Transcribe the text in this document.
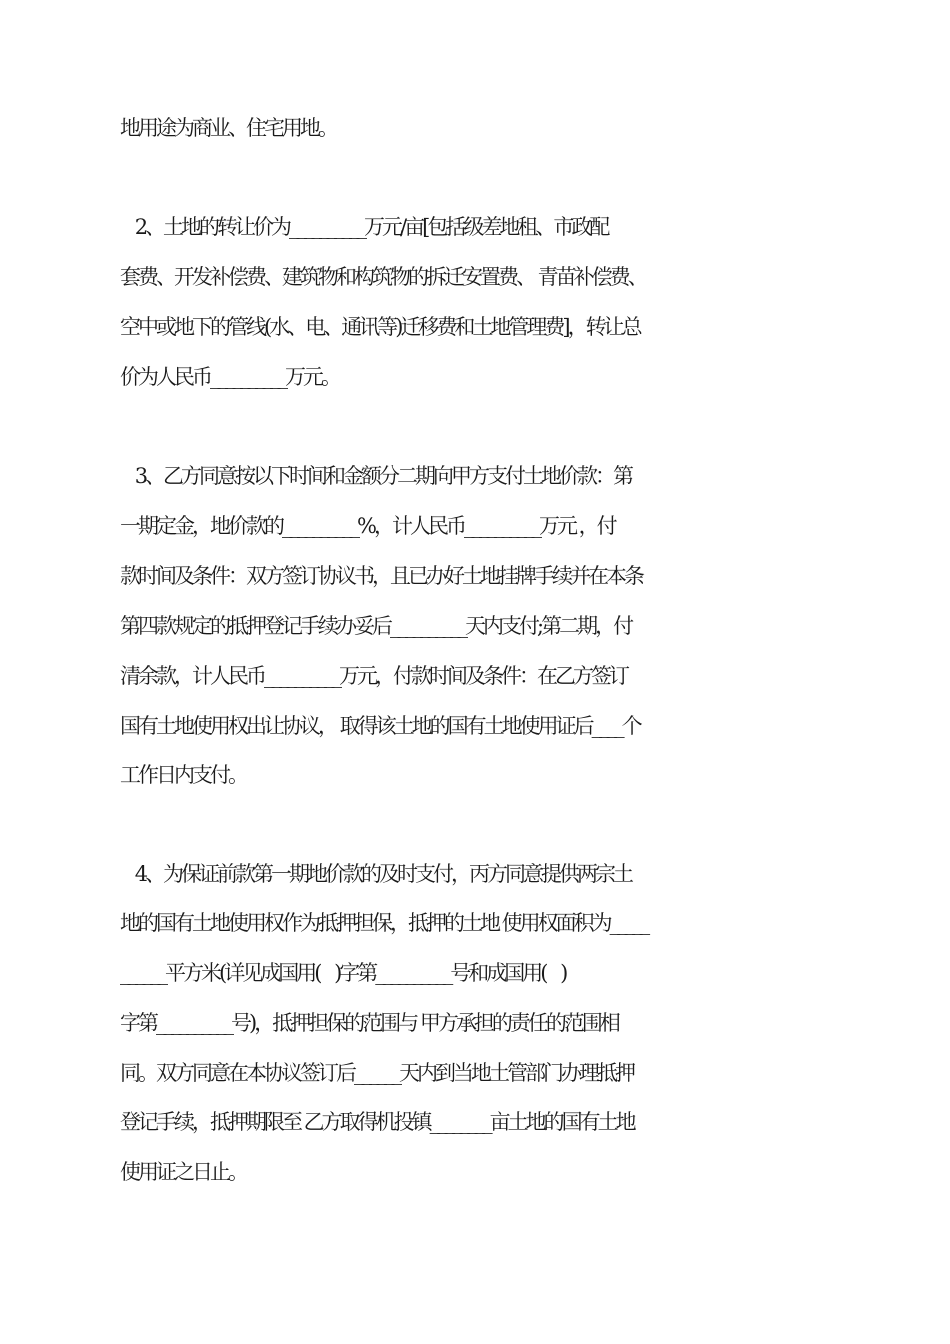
地用途为商业、住宅用地。
2、土地的转让价为__________万元/亩[包括级差地租、市政配
套费、开发补偿费、建筑物和构筑物的拆迁安置费、 青苗补偿费、
空中或地下的管线(水、电、通讯等)迁移费和土地管理费]，转让总
价为人民币__________万元。
3、乙方同意按以下时间和金额分二期向甲方支付土地价款：第
一期定金，地价款的__________%，计人民币__________万元 ，付
款时间及条件：双方签订协议书，且已办好土地挂牌手续并在本条
第四款规定的抵押登记手续办妥后__________天内支付;第二期，付
清余款，计人民币__________万元，付款时间及条件：在乙方签订
国有土地使用权出让协议， 取得该土地的国有土地使用证后____个
工作日内支付。
4、为保证前款第一期地价款的及时支付，丙方同意提供两宗土
地的国有土地使用权作为抵押担保，抵押的土地 使用权面积为_____
______平方米(详见成国用(    )字第__________号和成国用(    )
字第__________号)，抵押担保的范围与 甲方承担的责任的范围相
同。双方同意在本协议签订后______天内到当地土管部门办理抵押
登记手续，抵押期限至 乙方取得机投镇________亩土地的国有土地
使用证之日止。
